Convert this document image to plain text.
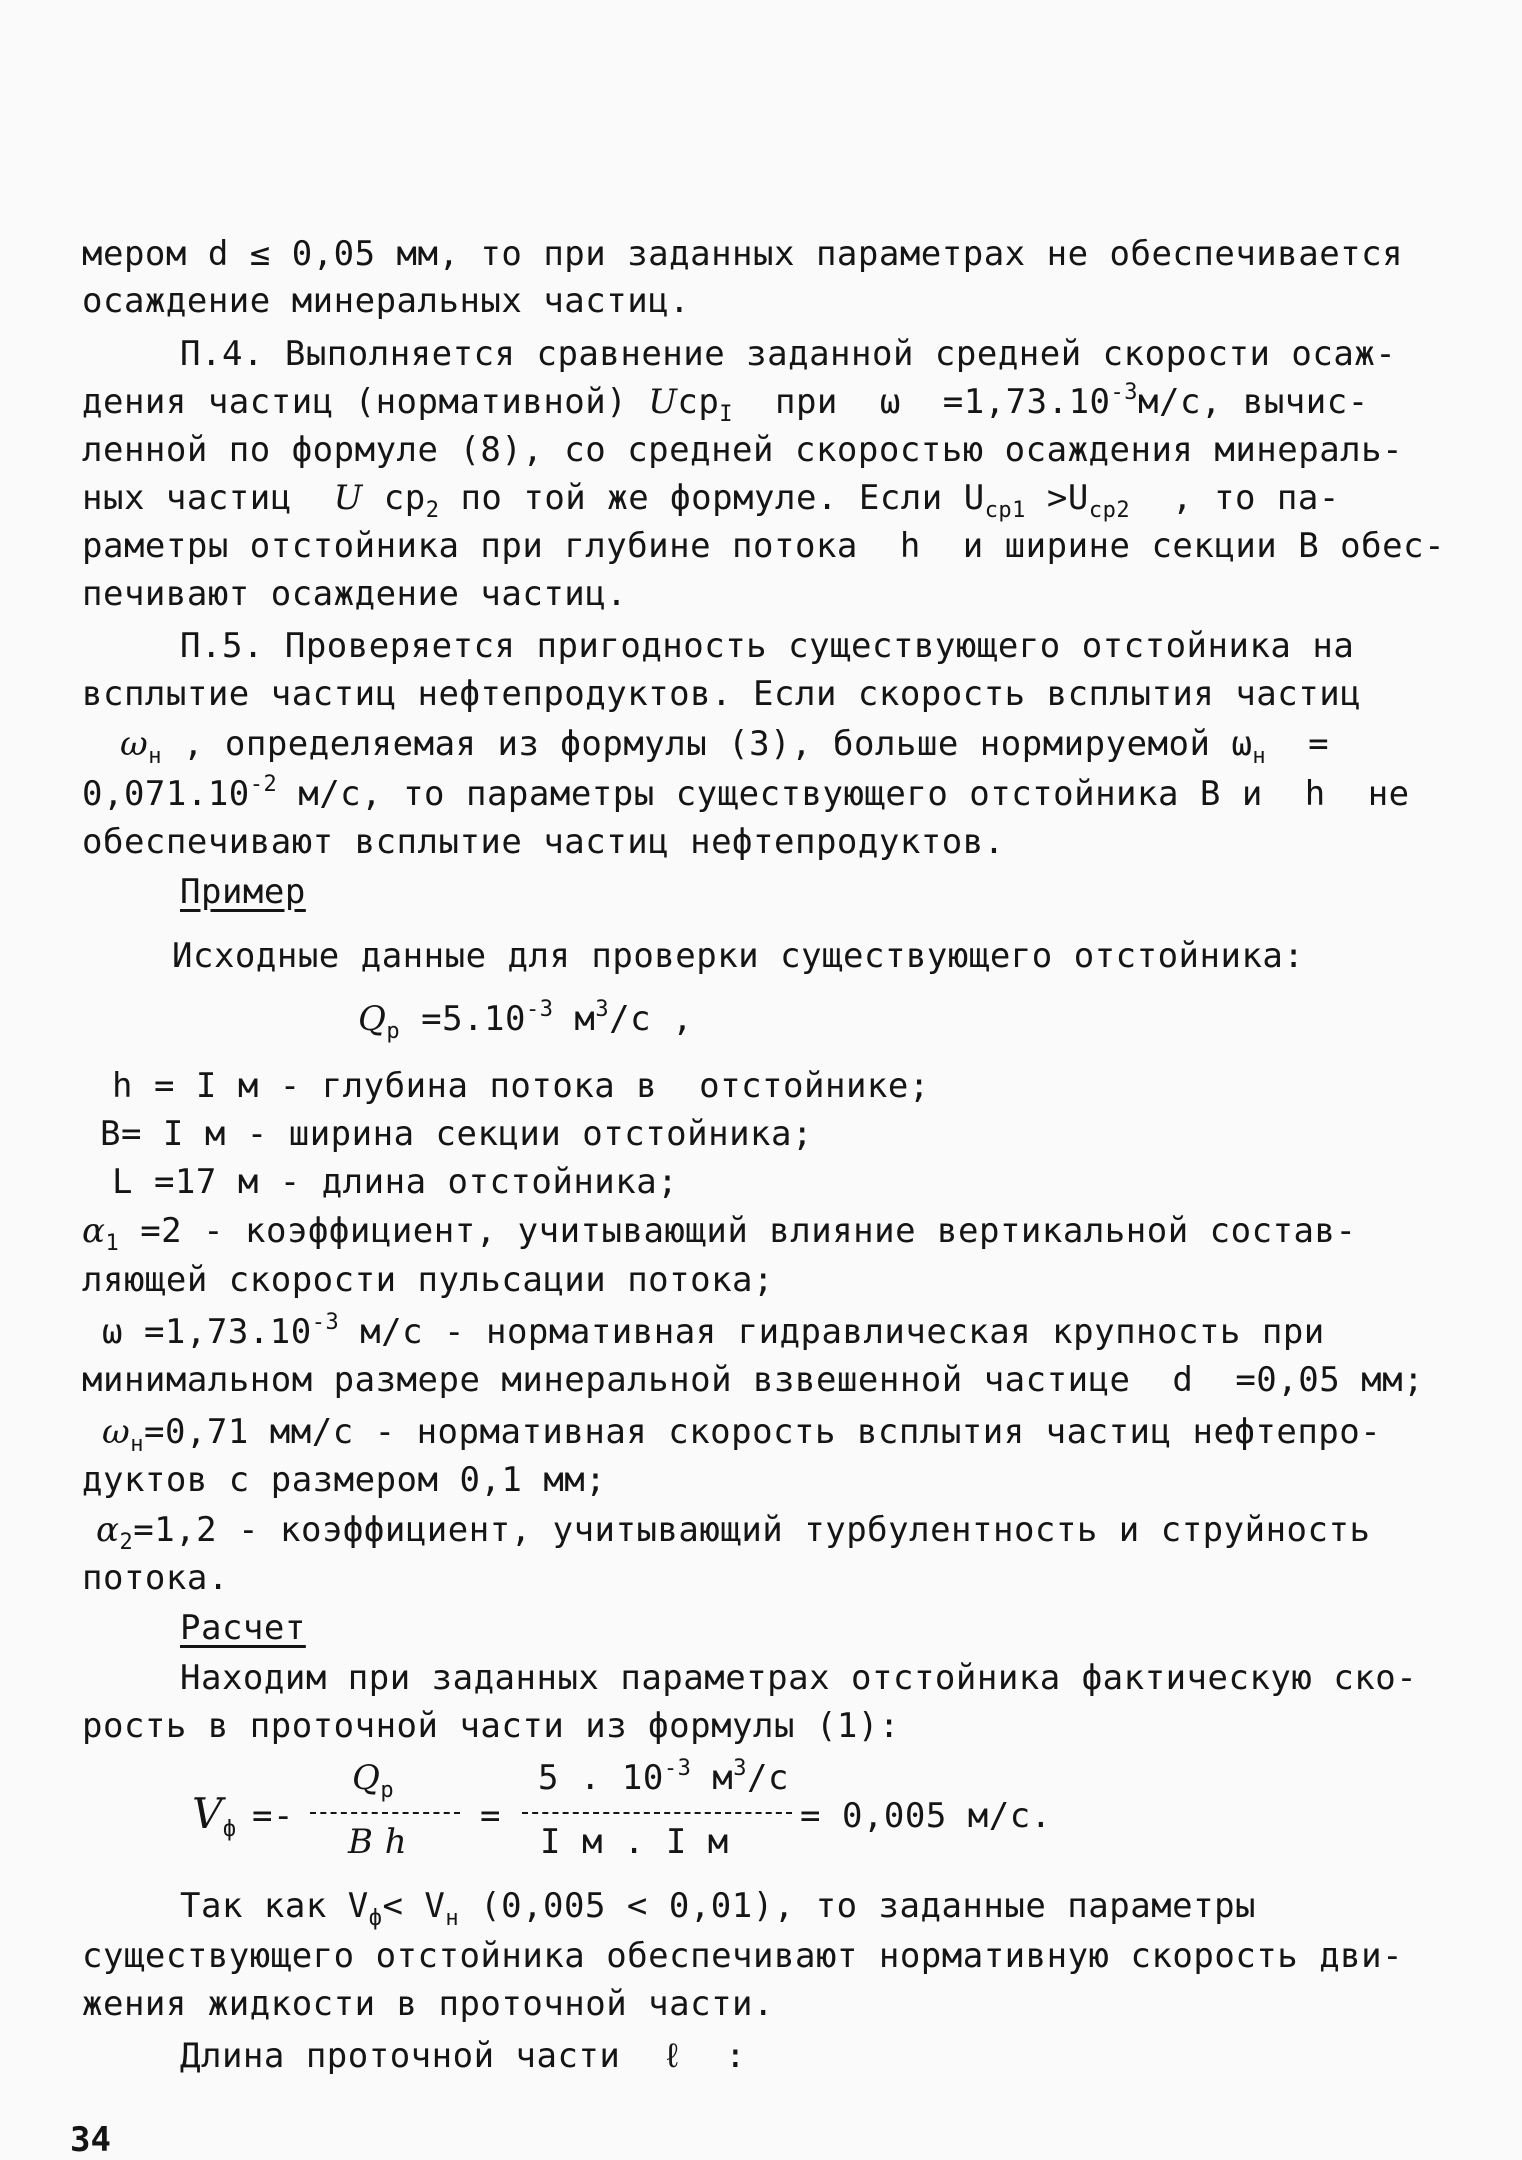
мером d ≤ 0,05 мм, то при заданных параметрах не обеспечивается
осаждение минеральных частиц.
П.4. Выполняется сравнение заданной средней скорости осаж-
дения частиц (нормативной) Ucp$_I$  при  $\omega =1,73.10^{-3}м/с$, вычис-
ленной по формуле (8), со средней скоростью осаждения минераль-
ных частиц  U $ср_2$ по той же формуле. Если $U_{ср1} >U_{ср2}$  , то па-
раметры отстойника при глубине потока  h  и ширине секции В обес-
печивают осаждение частиц.
П.5. Проверяется пригодность существующего отстойника на
всплытие частиц нефтепродуктов. Если скорость всплытия частиц
$\omega_н$ , определяемая из формулы (3), больше нормируемой $\omega_н$  =
$0,071.10^{-2}$ м/с, то параметры существующего отстойника В и  h  не
обеспечивают всплытие частиц нефтепродуктов.
Пример
Исходные данные для проверки существующего отстойника:
$Q_р =5.10^{-3}$ $м^3/с$ ,
h = I м - глубина потока в  отстойнике;
В= I м - ширина секции отстойника;
L =17 м - длина отстойника;
$\alpha_1 =2$ - коэффициент, учитывающий влияние вертикальной состав-
ляющей скорости пульсации потока;
$\omega =1,73.10^{-3}$ м/с - нормативная гидравлическая крупность при
минимальном размере минеральной взвешенной частице  d  =0,05 мм;
$\omega_н=0,71$ мм/с - нормативная скорость всплытия частиц нефтепро-
дуктов с размером 0,1 мм;
$\alpha_2=1,2$ - коэффициент, учитывающий турбулентность и струйность
потока.
Расчет
Находим при заданных параметрах отстойника фактическую ско-
рость в проточной части из формулы (1):
$V_ф$ =-
$Q_р$
B h
=
5 . $10^{-3}$ $м^3/с$
I м . I м
= 0,005 м/с.
Так как $V_ф< V_н$ (0,005 < 0,01), то заданные параметры
существующего отстойника обеспечивают нормативную скорость дви-
жения жидкости в проточной части.
Длина проточной части  ℓ  :
34
